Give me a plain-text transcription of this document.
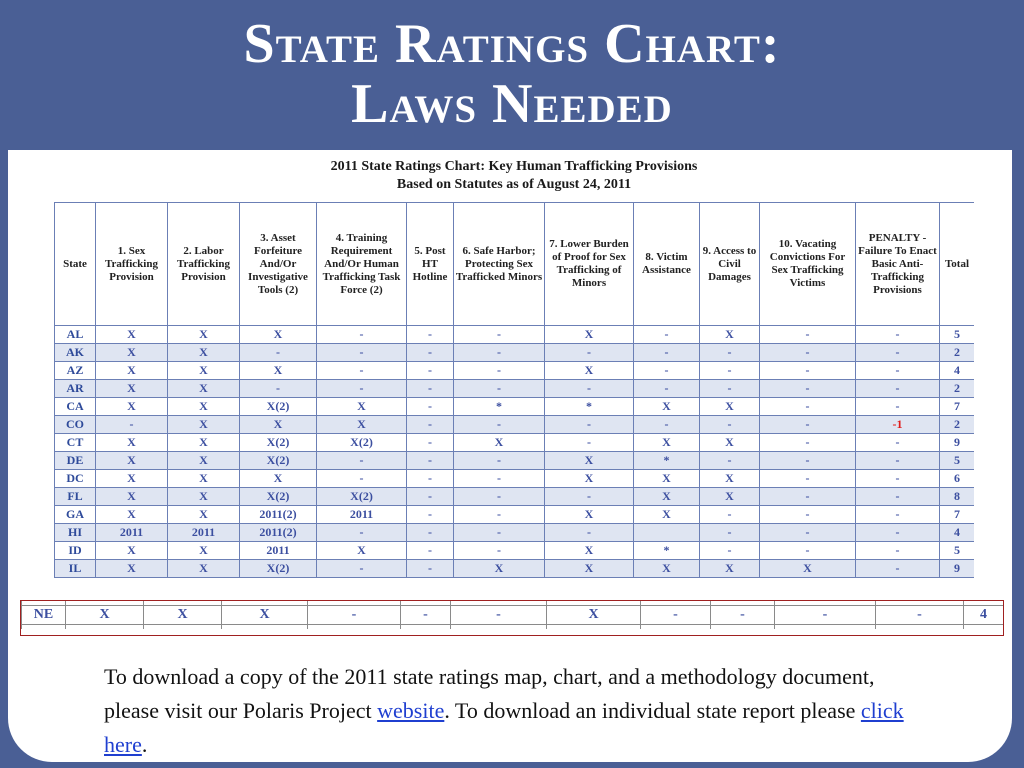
State Ratings Chart:
Laws Needed
2011 State Ratings Chart: Key Human Trafficking Provisions
Based on Statutes as of August 24, 2011
State	1. Sex Trafficking Provision	2. Labor Trafficking Provision	3. Asset Forfeiture And/Or Investigative Tools (2)	4. Training Requirement And/Or Human Trafficking Task Force (2)	5. Post HT Hotline	6. Safe Harbor; Protecting Sex Trafficked Minors	7. Lower Burden of Proof for Sex Trafficking of Minors	8. Victim Assistance	9. Access to Civil Damages	10. Vacating Convictions For Sex Trafficking Victims	PENALTY - Failure To Enact Basic Anti-Trafficking Provisions	Total
AL	X	X	X	-	-	-	X	-	X	-	-	5
AK	X	X	-	-	-	-	-	-	-	-	-	2
AZ	X	X	X	-	-	-	X	-	-	-	-	4
AR	X	X	-	-	-	-	-	-	-	-	-	2
CA	X	X	X(2)	X	-	*	*	X	X	-	-	7
CO	-	X	X	X	-	-	-	-	-	-	-1	2
CT	X	X	X(2)	X(2)	-	X	-	X	X	-	-	9
DE	X	X	X(2)	-	-	-	X	*	-	-	-	5
DC	X	X	X	-	-	-	X	X	X	-	-	6
FL	X	X	X(2)	X(2)	-	-	-	X	X	-	-	8
GA	X	X	2011(2)	2011	-	-	X	X	-	-	-	7
HI	2011	2011	2011(2)	-	-	-	-		-	-	-	4
ID	X	X	2011	X	-	-	X	*	-	-	-	5
IL	X	X	X(2)	-	-	X	X	X	X	X	-	9

NE	X	X	X	-	-	-	X	-	-	-	-	4

To download a copy of the 2011 state ratings map, chart, and a methodology document, please visit our Polaris Project website. To download an individual state report please click here.
